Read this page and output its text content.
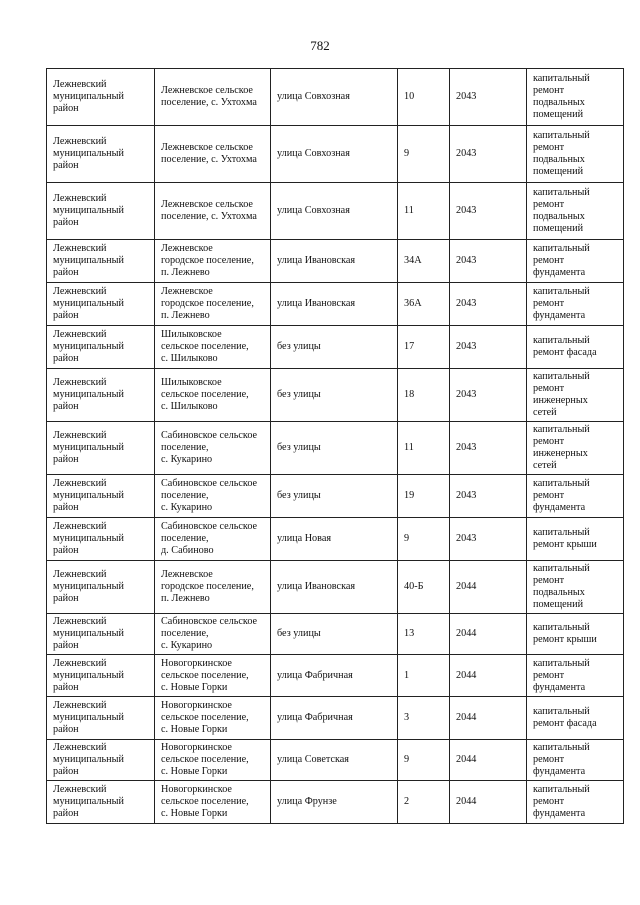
782
Лежневский
муниципальный
район	Лежневское сельское
поселение, с. Ухтохма	улица Совхозная	10	2043	капитальный
ремонт
подвальных
помещений
Лежневский
муниципальный
район	Лежневское сельское
поселение, с. Ухтохма	улица Совхозная	9	2043	капитальный
ремонт
подвальных
помещений
Лежневский
муниципальный
район	Лежневское сельское
поселение, с. Ухтохма	улица Совхозная	11	2043	капитальный
ремонт
подвальных
помещений
Лежневский
муниципальный
район	Лежневское
городское поселение,
п. Лежнево	улица Ивановская	34А	2043	капитальный
ремонт
фундамента
Лежневский
муниципальный
район	Лежневское
городское поселение,
п. Лежнево	улица Ивановская	36А	2043	капитальный
ремонт
фундамента
Лежневский
муниципальный
район	Шилыковское
сельское поселение,
с. Шилыково	без улицы	17	2043	капитальный
ремонт фасада
Лежневский
муниципальный
район	Шилыковское
сельское поселение,
с. Шилыково	без улицы	18	2043	капитальный
ремонт
инженерных
сетей
Лежневский
муниципальный
район	Сабиновское сельское
поселение,
с. Кукарино	без улицы	11	2043	капитальный
ремонт
инженерных
сетей
Лежневский
муниципальный
район	Сабиновское сельское
поселение,
с. Кукарино	без улицы	19	2043	капитальный
ремонт
фундамента
Лежневский
муниципальный
район	Сабиновское сельское
поселение,
д. Сабиново	улица Новая	9	2043	капитальный
ремонт крыши
Лежневский
муниципальный
район	Лежневское
городское поселение,
п. Лежнево	улица Ивановская	40-Б	2044	капитальный
ремонт
подвальных
помещений
Лежневский
муниципальный
район	Сабиновское сельское
поселение,
с. Кукарино	без улицы	13	2044	капитальный
ремонт крыши
Лежневский
муниципальный
район	Новогоркинское
сельское поселение,
с. Новые Горки	улица Фабричная	1	2044	капитальный
ремонт
фундамента
Лежневский
муниципальный
район	Новогоркинское
сельское поселение,
с. Новые Горки	улица Фабричная	3	2044	капитальный
ремонт фасада
Лежневский
муниципальный
район	Новогоркинское
сельское поселение,
с. Новые Горки	улица Советская	9	2044	капитальный
ремонт
фундамента
Лежневский
муниципальный
район	Новогоркинское
сельское поселение,
с. Новые Горки	улица Фрунзе	2	2044	капитальный
ремонт
фундамента
